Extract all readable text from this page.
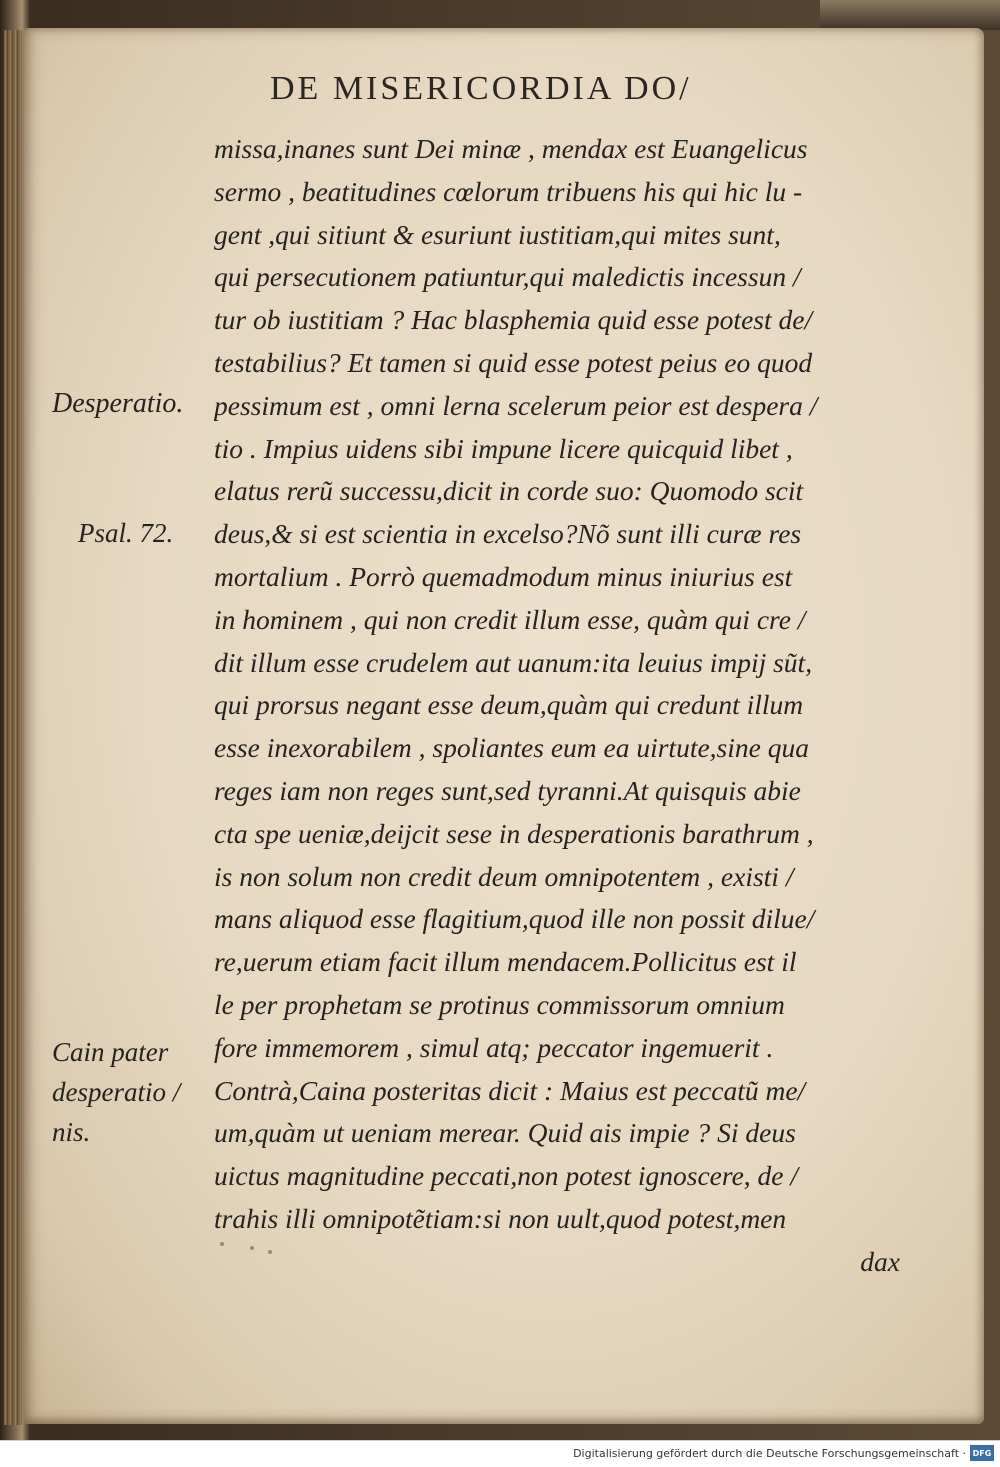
DE MISERICORDIA DO/
Desperatio.
Psal. 72.
Cain pater
desperatio /
nis.
missa,inanes sunt Dei minæ , mendax est Euangelicus
sermo , beatitudines cœlorum tribuens his qui hic lu -
gent ,qui sitiunt & esuriunt iustitiam,qui mites sunt,
qui persecutionem patiuntur,qui maledictis incessun /
tur ob iustitiam ? Hac blasphemia quid esse potest de/
testabilius? Et tamen si quid esse potest peius eo quod
pessimum est , omni lerna scelerum peior est despera /
tio . Impius uidens sibi impune licere quicquid libet ,
elatus rerũ successu,dicit in corde suo: Quomodo scit
deus,& si est scientia in excelso?Nõ sunt illi curæ res
mortalium . Porrò quemadmodum minus iniurius est
in hominem , qui non credit illum esse, quàm qui cre /
dit illum esse crudelem aut uanum:ita leuius impij sũt,
qui prorsus negant esse deum,quàm qui credunt illum
esse inexorabilem , spoliantes eum ea uirtute,sine qua
reges iam non reges sunt,sed tyranni.At quisquis abie
cta spe ueniæ,deijcit sese in desperationis barathrum ,
is non solum non credit deum omnipotentem , existi /
mans aliquod esse flagitium,quod ille non possit dilue/
re,uerum etiam facit illum mendacem.Pollicitus est il
le per prophetam se protinus commissorum omnium
fore immemorem , simul atq; peccator ingemuerit .
Contrà,Caina posteritas dicit : Maius est peccatũ me/
um,quàm ut ueniam merear. Quid ais impie ? Si deus
uictus magnitudine peccati,non potest ignoscere, de /
trahis illi omnipotẽtiam:si non uult,quod potest,men
dax
Digitalisierung gefördert durch die Deutsche Forschungsgemeinschaft · DFG
